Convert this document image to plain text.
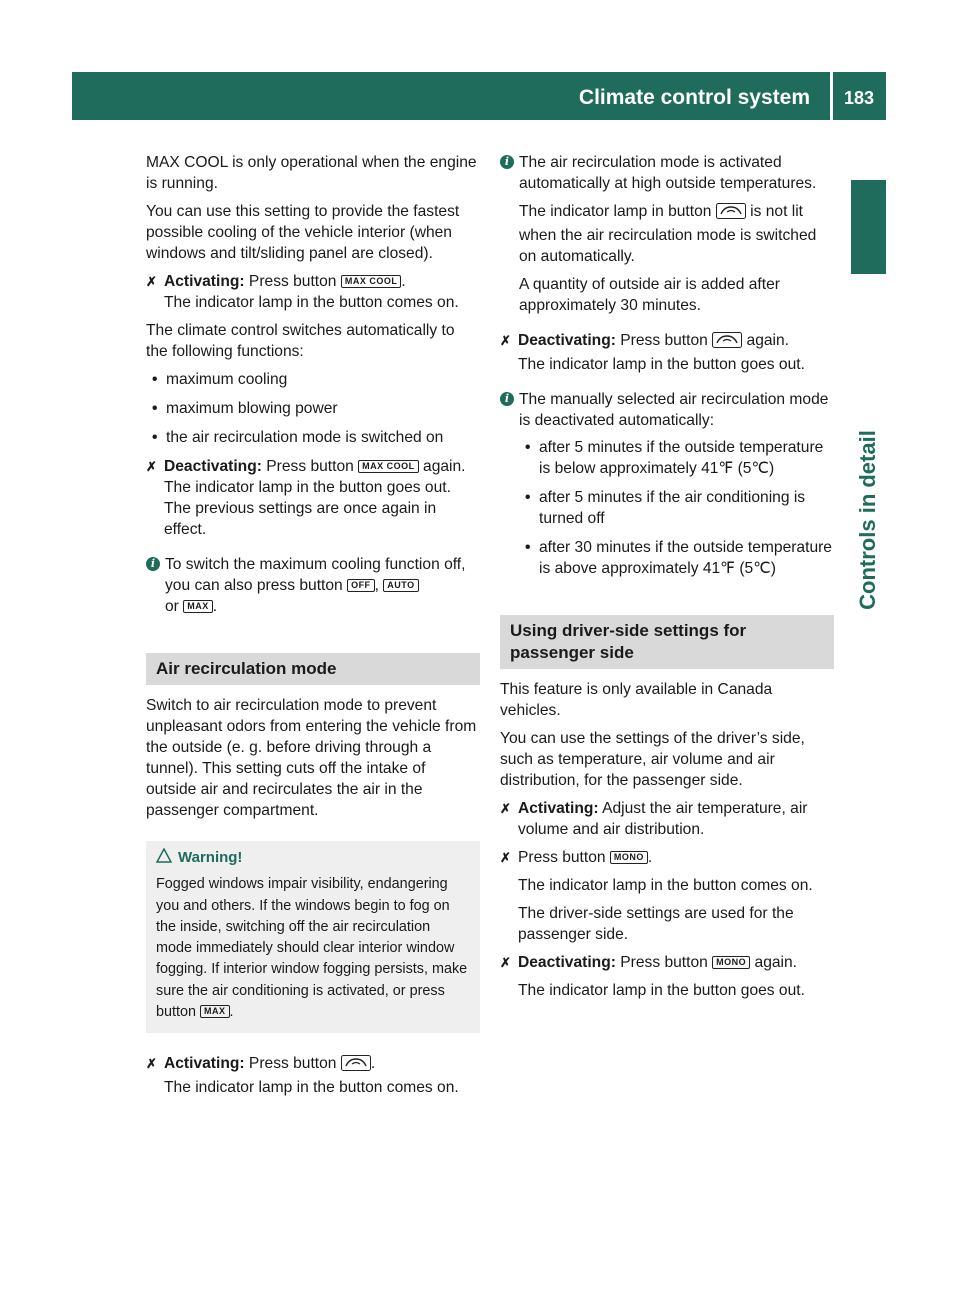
Climate control system 183
Controls in detail

MAX COOL is only operational when the engine is running.

You can use this setting to provide the fastest possible cooling of the vehicle interior (when windows and tilt/sliding panel are closed).

✗ Activating: Press button MAX COOL .
The indicator lamp in the button comes on.

The climate control switches automatically to the following functions:

• maximum cooling
• maximum blowing power
• the air recirculation mode is switched on
✗ Deactivating: Press button MAX COOL again.
The indicator lamp in the button goes out. The previous settings are once again in effect.
i To switch the maximum cooling function off, you can also press button OFF , AUTO
or MAX .
Air recirculation mode

Switch to air recirculation mode to prevent unpleasant odors from entering the vehicle from the outside (e. g. before driving through a tunnel). This setting cuts off the intake of outside air and recirculates the air in the passenger compartment.

Warning!
Fogged windows impair visibility, endangering you and others. If the windows begin to fog on the inside, switching off the air recirculation mode immediately should clear interior window fogging. If interior window fogging persists, make sure the air conditioning is activated, or press button MAX .
✗ Activating: Press button .
The indicator lamp in the button comes on.
i The air recirculation mode is activated automatically at high outside temperatures.

The indicator lamp in button is not lit when the air recirculation mode is switched on automatically.

A quantity of outside air is added after approximately 30 minutes.

✗ Deactivating: Press button again.
The indicator lamp in the button goes out.
i The manually selected air recirculation mode is deactivated automatically:
• after 5 minutes if the outside temperature is below approximately 41℉ (5℃)
• after 5 minutes if the air conditioning is turned off
• after 30 minutes if the outside temperature is above approximately 41℉ (5℃)
Using driver-side settings for passenger side

This feature is only available in Canada vehicles.

You can use the settings of the driver’s side, such as temperature, air volume and air distribution, for the passenger side.

✗ Activating: Adjust the air temperature, air volume and air distribution.
✗ Press button MONO .

The indicator lamp in the button comes on.

The driver-side settings are used for the passenger side.

✗ Deactivating: Press button MONO again.

The indicator lamp in the button goes out.
